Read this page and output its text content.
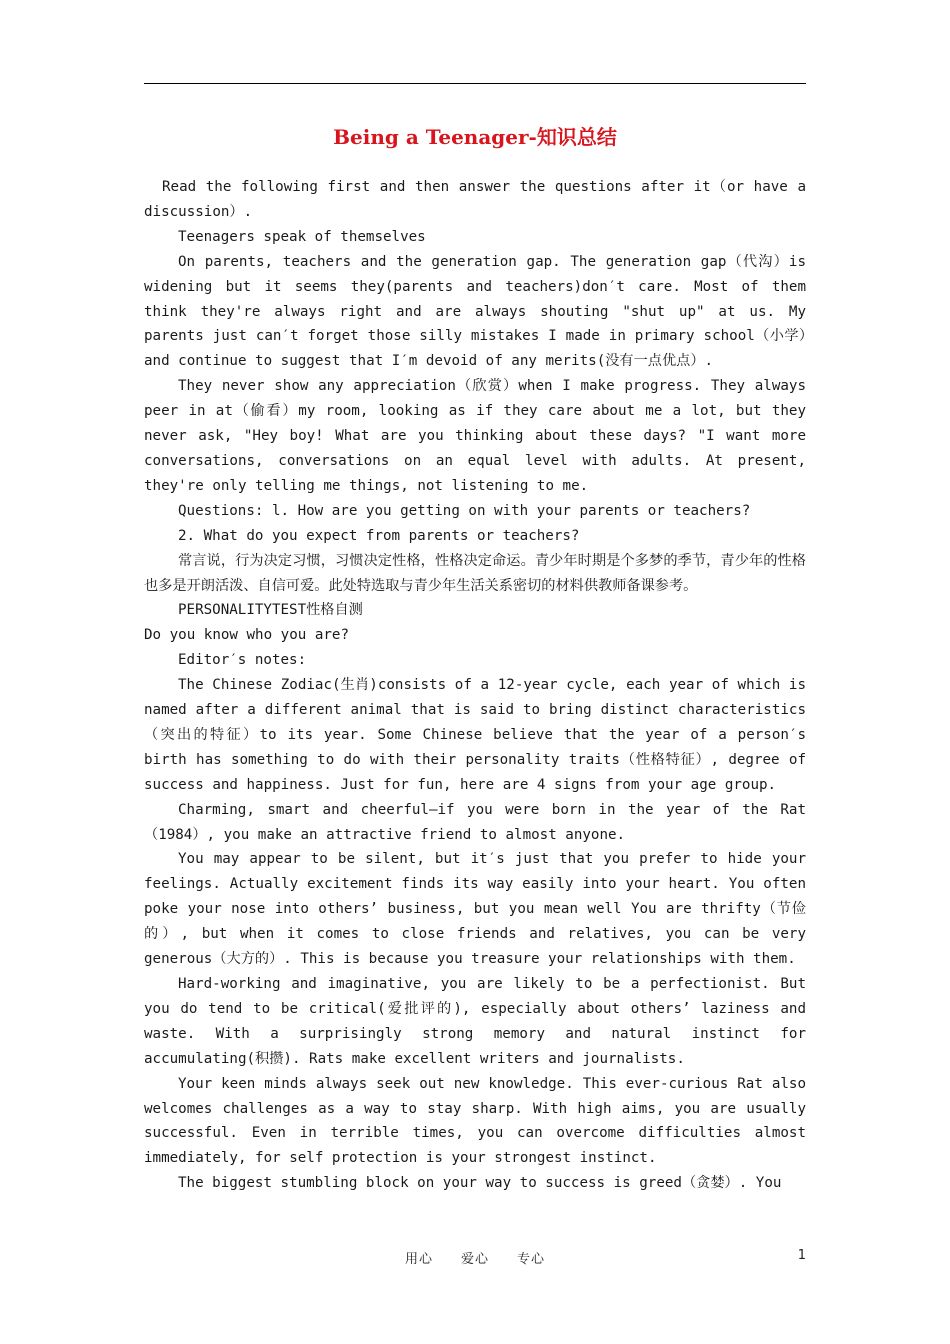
Being a Teenager-知识总结

Read the following first and then answer the questions after it（or have a discussion）.

Teenagers speak of themselves

On parents, teachers and the generation gap. The generation gap（代沟）is widening but it seems they(parents and teachers)don′t care. Most of them think they're always right and are always shouting "shut up" at us. My parents just can′t forget those silly mistakes I made in primary school（小学）and continue to suggest that I′m devoid of any merits(没有一点优点）.

They never show any appreciation（欣赏）when I make progress. They always peer in at（偷看）my room, looking as if they care about me a lot, but they never ask, "Hey boy! What are you thinking about these days? "I want more conversations, conversations on an equal level with adults. At present, they're only telling me things, not listening to me.

Questions: l. How are you getting on with your parents or teachers?

2. What do you expect from parents or teachers?

常言说，行为决定习惯，习惯决定性格，性格决定命运。青少年时期是个多梦的季节，青少年的性格也多是开朗活泼、自信可爱。此处特选取与青少年生活关系密切的材料供教师备课参考。

PERSONALITYTEST性格自测

Do you know who you are?

Editor′s notes:

The Chinese Zodiac(生肖)consists of a 12-year cycle, each year of which is named after a different animal that is said to bring distinct characteristics（突出的特征）to its year. Some Chinese believe that the year of a person′s birth has something to do with their personality traits（性格特征）, degree of success and happiness. Just for fun, here are 4 signs from your age group.

Charming, smart and cheerful—if you were born in the year of the Rat（1984）, you make an attractive friend to almost anyone.

You may appear to be silent, but it′s just that you prefer to hide your feelings. Actually excitement finds its way easily into your heart. You often poke your nose into others’ business, but you mean well You are thrifty（节俭的）, but when it comes to close friends and relatives, you can be very generous（大方的）. This is because you treasure your relationships with them.

Hard-working and imaginative, you are likely to be a perfectionist. But you do tend to be critical(爱批评的), especially about others’ laziness and waste. With a surprisingly strong memory and natural instinct for accumulating(积攒). Rats make excellent writers and journalists.

Your keen minds always seek out new knowledge. This ever-curious Rat also welcomes challenges as a way to stay sharp. With high aims, you are usually successful. Even in terrible times, you can overcome difficulties almost immediately, for self protection is your strongest instinct.

The biggest stumbling block on your way to success is greed（贪婪）. You

用心　　爱心　　专心	1
